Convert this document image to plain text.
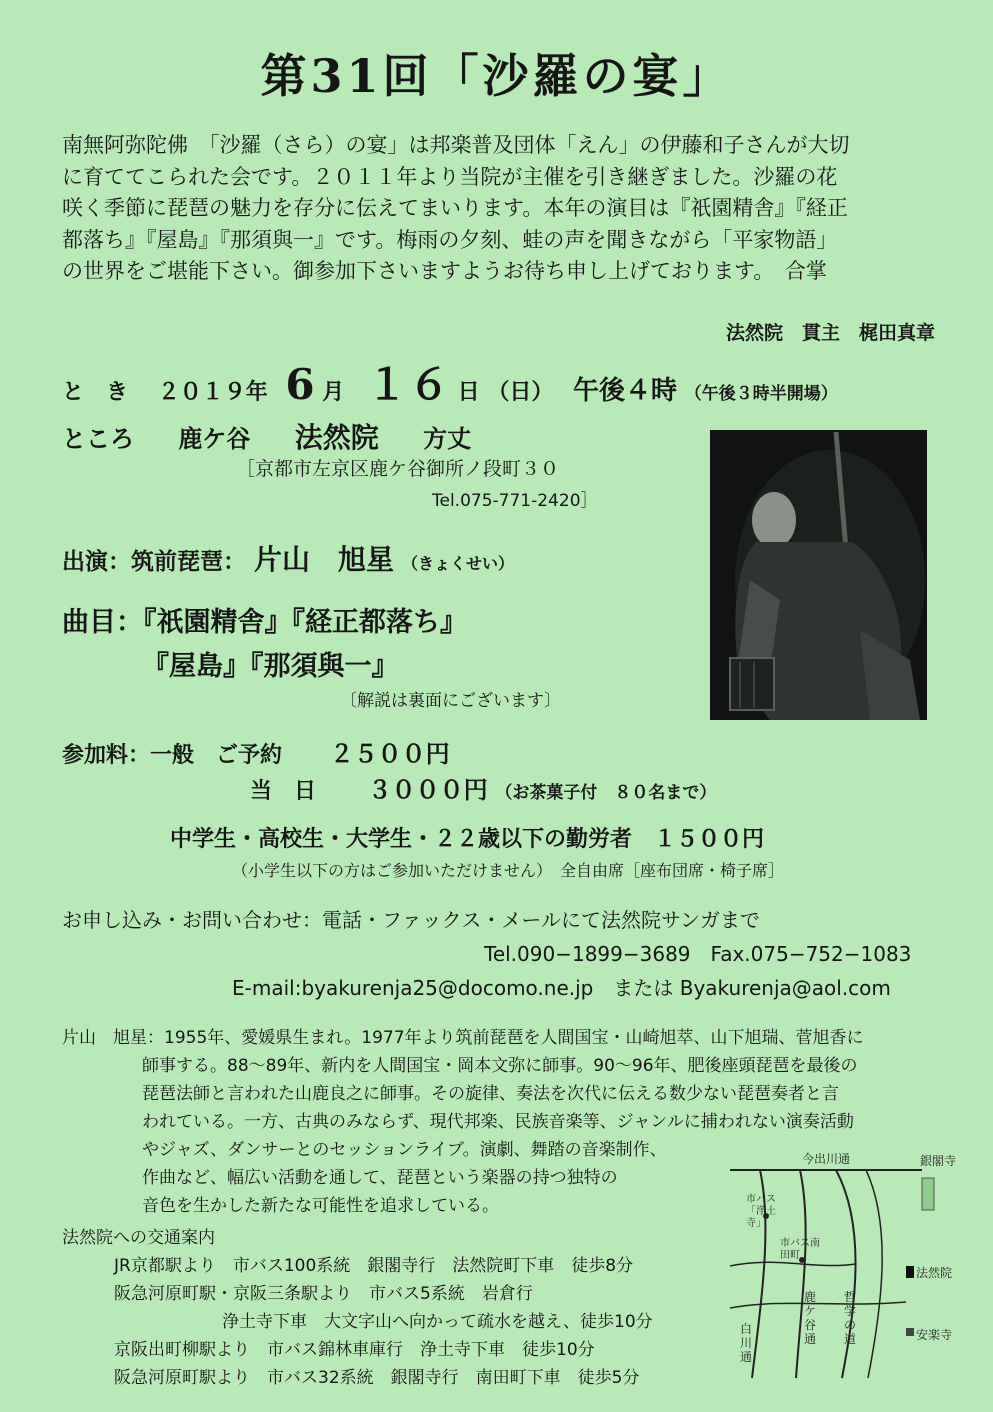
第31回「沙羅の宴」
南無阿弥陀佛　「沙羅（さら）の宴」は邦楽普及団体「えん」の伊藤和子さんが大切
に育ててこられた会です。２０１１年より当院が主催を引き継ぎました。沙羅の花
咲く季節に琵琶の魅力を存分に伝えてまいります。本年の演目は『祇園精舎』『経正
都落ち』『屋島』『那須與一』です。梅雨の夕刻、蛙の声を聞きながら「平家物語」
の世界をご堪能下さい。御参加下さいますようお待ち申し上げております。　合掌
法然院　貫主　梶田真章
と　き ２０１９年 6 月 １６ 日 （日） 午後４時 （午後３時半開場）
ところ 鹿ケ谷 法然院 方丈
［京都市左京区鹿ケ谷御所ノ段町３０
Tel.075-771-2420］
出演：筑前琵琶： 片山　旭星 （きょくせい）
曲目：『祇園精舎』『経正都落ち』
『屋島』『那須與一』
〔解説は裏面にございます〕
参加料：一般　ご予約 ２５００円
当　日 ３０００円 （お茶菓子付　８０名まで）
中学生・高校生・大学生・２２歳以下の勤労者　１５００円
（小学生以下の方はご参加いただけません）　全自由席［座布団席・椅子席］
お申し込み・お問い合わせ：電話・ファックス・メールにて法然院サンガまで
Tel.090−1899−3689　Fax.075−752−1083
E-mail:byakurenja25@docomo.ne.jp　または Byakurenja@aol.com
片山　旭星：1955年、愛媛県生まれ。1977年より筑前琵琶を人間国宝・山崎旭萃、山下旭瑞、菅旭香に
師事する。88〜89年、新内を人間国宝・岡本文弥に師事。90〜96年、肥後座頭琵琶を最後の
琵琶法師と言われた山鹿良之に師事。その旋律、奏法を次代に伝える数少ない琵琶奏者と言
われている。一方、古典のみならず、現代邦楽、民族音楽等、ジャンルに捕われない演奏活動
やジャズ、ダンサーとのセッションライブ。演劇、舞踏の音楽制作、
作曲など、幅広い活動を通して、琵琶という楽器の持つ独特の
音色を生かした新たな可能性を追求している。
法然院への交通案内
JR京都駅より　市バス100系統　銀閣寺行　法然院町下車　徒歩8分
阪急河原町駅・京阪三条駅より　市バス5系統　岩倉行
浄土寺下車　大文字山へ向かって疏水を越え、徒歩10分
京阪出町柳駅より　市バス錦林車庫行　浄土寺下車　徒歩10分
阪急河原町駅より　市バス32系統　銀閣寺行　南田町下車　徒歩5分
今出川通	銀閣寺
市バス「浄土寺」
市バス南田町
法然院
白川通
鹿ケ谷通
哲学の道	安楽寺
